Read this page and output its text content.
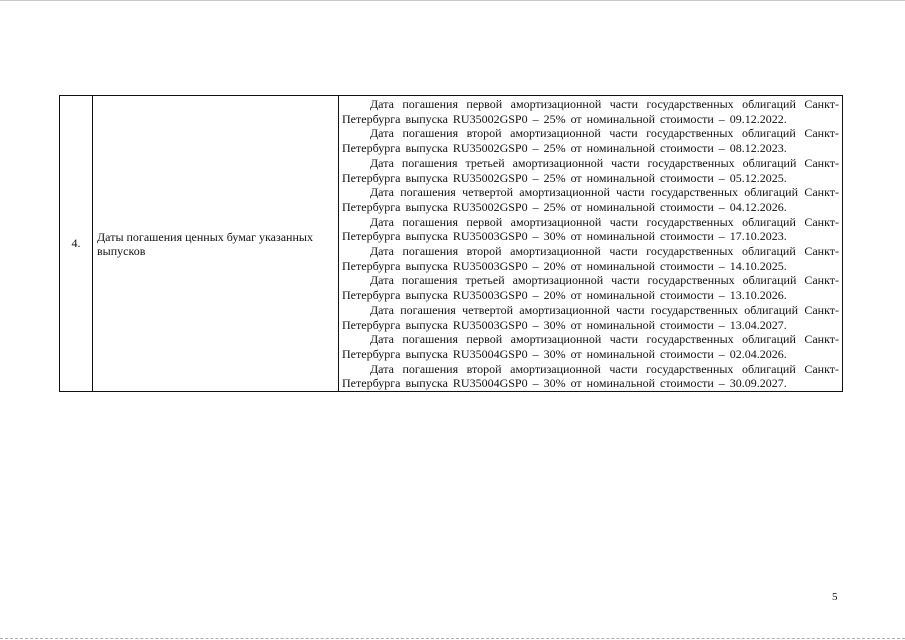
4.	Даты погашения ценных бумаг указанных выпусков	

Дата погашения первой амортизационной части государственных облигаций Санкт-Петербурга выпуска RU35002GSP0 – 25% от номинальной стоимости – 09.12.2022.

Дата погашения второй амортизационной части государственных облигаций Санкт-Петербурга выпуска RU35002GSP0 – 25% от номинальной стоимости – 08.12.2023.

Дата погашения третьей амортизационной части государственных облигаций Санкт-Петербурга выпуска RU35002GSP0 – 25% от номинальной стоимости – 05.12.2025.

Дата погашения четвертой амортизационной части государственных облигаций Санкт-Петербурга выпуска RU35002GSP0 – 25% от номинальной стоимости – 04.12.2026.

Дата погашения первой амортизационной части государственных облигаций Санкт-Петербурга выпуска RU35003GSP0 – 30% от номинальной стоимости – 17.10.2023.

Дата погашения второй амортизационной части государственных облигаций Санкт-Петербурга выпуска RU35003GSP0 – 20% от номинальной стоимости – 14.10.2025.

Дата погашения третьей амортизационной части государственных облигаций Санкт-Петербурга выпуска RU35003GSP0 – 20% от номинальной стоимости – 13.10.2026.

Дата погашения четвертой амортизационной части государственных облигаций Санкт-Петербурга выпуска RU35003GSP0 – 30% от номинальной стоимости – 13.04.2027.

Дата погашения первой амортизационной части государственных облигаций Санкт-Петербурга выпуска RU35004GSP0 – 30% от номинальной стоимости – 02.04.2026.

Дата погашения второй амортизационной части государственных облигаций Санкт-Петербурга выпуска RU35004GSP0 – 30% от номинальной стоимости – 30.09.2027.

5
